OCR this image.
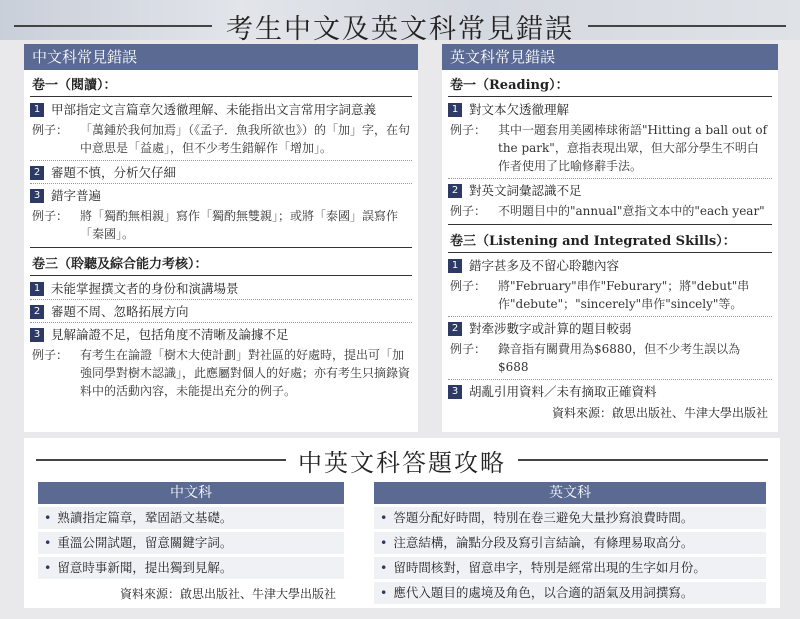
考生中文及英文科常見錯誤
中文科常見錯誤
卷一（閱讀）：
1 甲部指定文言篇章欠透徹理解、未能指出文言常用字詞意義
例子： 「萬鍾於我何加焉」（《孟子．魚我所欲也》）的「加」字，在句中意思是「益處」，但不少考生錯解作「增加」。
2 審題不慎，分析欠仔細
3 錯字普遍
例子： 將「獨酌無相親」寫作「獨酌無雙親」；或將「泰國」誤寫作「秦國」。
卷三（聆聽及綜合能力考核）：
1 未能掌握撰文者的身份和演講場景
2 審題不周、忽略拓展方向
3 見解論證不足，包括角度不清晰及論據不足
例子： 有考生在論證「樹木大使計劃」對社區的好處時，提出可「加強同學對樹木認識」，此應屬對個人的好處；亦有考生只摘錄資料中的活動內容，未能提出充分的例子。
英文科常見錯誤
卷一（Reading）：
1 對文本欠透徹理解
例子： 其中一題套用美國棒球術語"Hitting a ball out of the park"，意指表現出眾，但大部分學生不明白作者使用了比喻修辭手法。
2 對英文詞彙認識不足
例子： 不明題目中的"annual"意指文本中的"each year"
卷三（Listening and Integrated Skills）：
1 錯字甚多及不留心聆聽內容
例子： 將"February"串作"Feburary"；將"debut"串作"debute"；"sincerely"串作"sincely"等。
2 對牽涉數字或計算的題目較弱
例子： 錄音指有關費用為$6880，但不少考生誤以為$688
3 胡亂引用資料／未有摘取正確資料
資料來源：啟思出版社、牛津大學出版社
中英文科答題攻略
中文科
• 熟讀指定篇章，鞏固語文基礎。
• 重溫公開試題，留意關鍵字詞。
• 留意時事新聞，提出獨到見解。
資料來源：啟思出版社、牛津大學出版社
英文科
• 答題分配好時間，特別在卷三避免大量抄寫浪費時間。
• 注意結構，論點分段及寫引言結論，有條理易取高分。
• 留時間核對，留意串字，特別是經常出現的生字如月份。
• 應代入題目的處境及角色，以合適的語氣及用詞撰寫。
